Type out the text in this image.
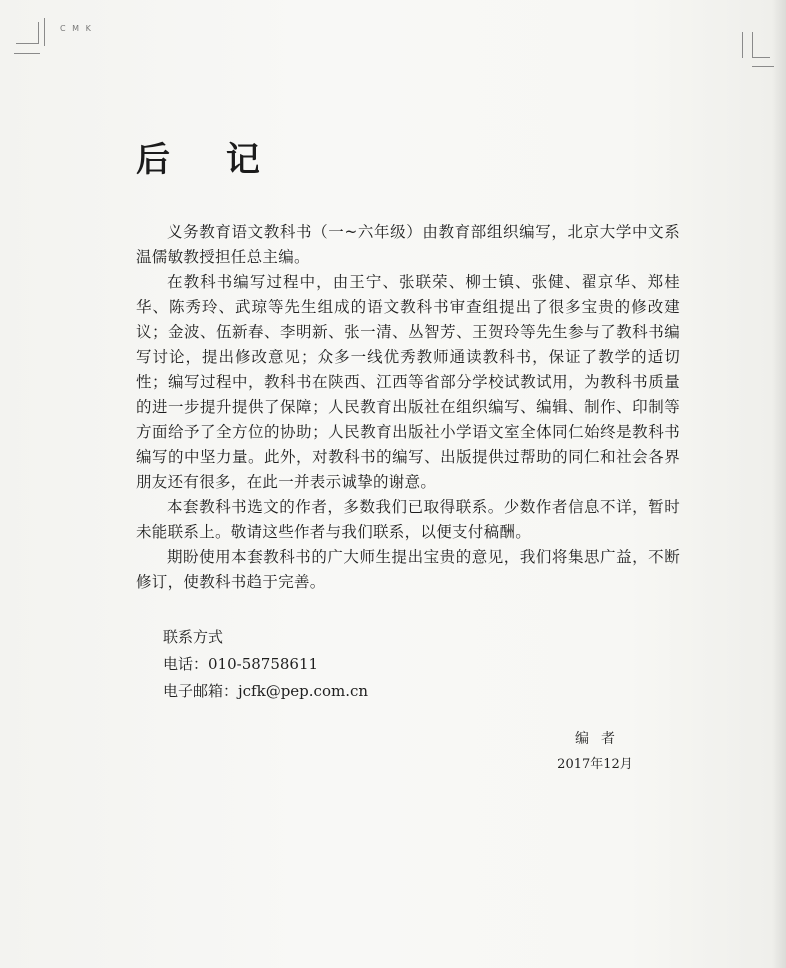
C M K
后 记

义务教育语文教科书（一~六年级）由教育部组织编写，北京大学中文系温儒敏教授担任总主编。

在教科书编写过程中，由王宁、张联荣、柳士镇、张健、翟京华、郑桂华、陈秀玲、武琼等先生组成的语文教科书审查组提出了很多宝贵的修改建议；金波、伍新春、李明新、张一清、丛智芳、王贺玲等先生参与了教科书编写讨论，提出修改意见；众多一线优秀教师通读教科书，保证了教学的适切性；编写过程中，教科书在陕西、江西等省部分学校试教试用，为教科书质量的进一步提升提供了保障；人民教育出版社在组织编写、编辑、制作、印制等方面给予了全方位的协助；人民教育出版社小学语文室全体同仁始终是教科书编写的中坚力量。此外，对教科书的编写、出版提供过帮助的同仁和社会各界朋友还有很多，在此一并表示诚挚的谢意。

本套教科书选文的作者，多数我们已取得联系。少数作者信息不详，暂时未能联系上。敬请这些作者与我们联系，以便支付稿酬。

期盼使用本套教科书的广大师生提出宝贵的意见，我们将集思广益，不断修订，使教科书趋于完善。

联系方式
电话：010-58758611
电子邮箱：jcfk@pep.com.cn
编者
2017年12月
